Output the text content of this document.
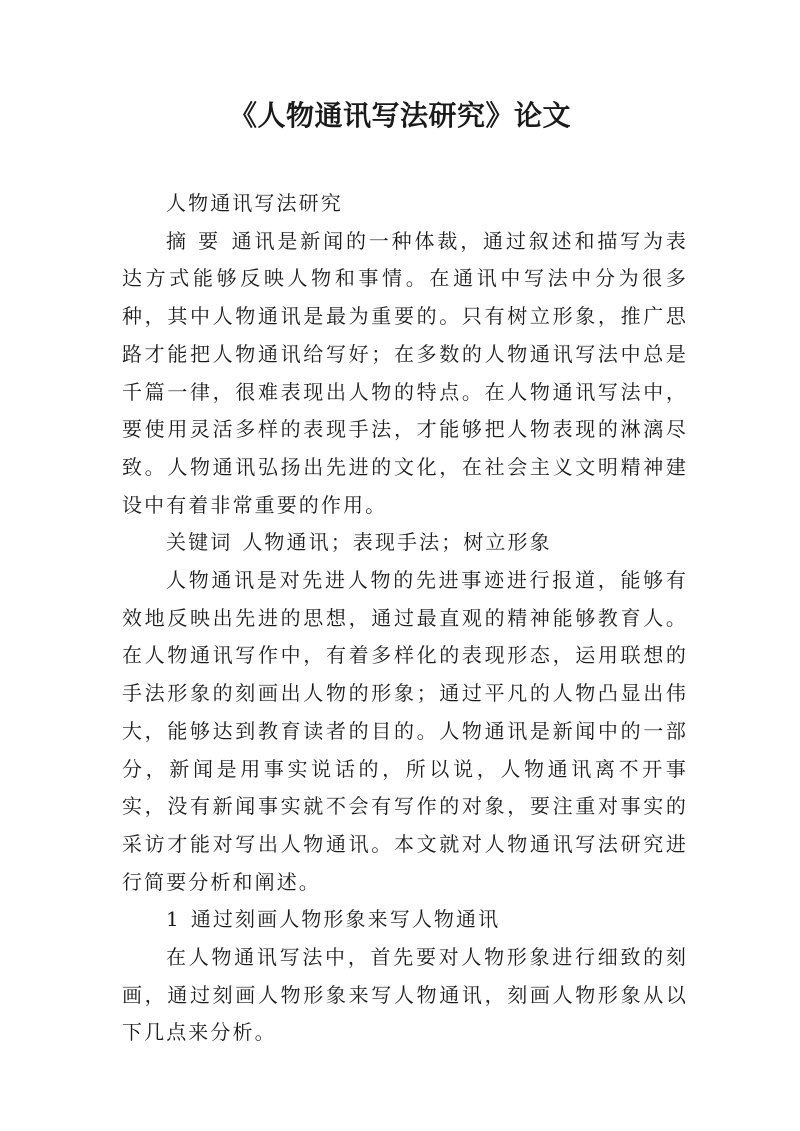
《人物通讯写法研究》论文

人物通讯写法研究

摘 要 通讯是新闻的一种体裁，通过叙述和描写为表达方式能够反映人物和事情。在通讯中写法中分为很多种，其中人物通讯是最为重要的。只有树立形象，推广思路才能把人物通讯给写好；在多数的人物通讯写法中总是千篇一律，很难表现出人物的特点。在人物通讯写法中，要使用灵活多样的表现手法，才能够把人物表现的淋漓尽致。人物通讯弘扬出先进的文化，在社会主义文明精神建设中有着非常重要的作用。

关键词 人物通讯；表现手法；树立形象

人物通讯是对先进人物的先进事迹进行报道，能够有效地反映出先进的思想，通过最直观的精神能够教育人。在人物通讯写作中，有着多样化的表现形态，运用联想的手法形象的刻画出人物的形象；通过平凡的人物凸显出伟大，能够达到教育读者的目的。人物通讯是新闻中的一部分，新闻是用事实说话的，所以说，人物通讯离不开事实，没有新闻事实就不会有写作的对象，要注重对事实的采访才能对写出人物通讯。本文就对人物通讯写法研究进行简要分析和阐述。

1 通过刻画人物形象来写人物通讯

在人物通讯写法中，首先要对人物形象进行细致的刻画，通过刻画人物形象来写人物通讯，刻画人物形象从以下几点来分析。
